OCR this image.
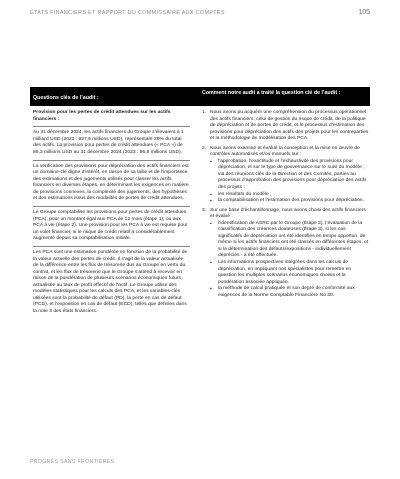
ÉTATS FINANCIERS ET RAPPORT DU COMMISSAIRE AUX COMPTES	105
Questions clés de l’audit :
Comment notre audit a traité la question clé de l’audit :

Provision pour les pertes de crédit attendues sur les actifs financiers :

Au 31 décembre 2024, les actifs financiers du Groupe s’élevaient à 1 milliard USD (2023 : 927,6 millions USD), représentant 29% du total des actifs. La provision pour pertes de crédit attendues (« PCA ») de 86,3 millions USD au 31 décembre 2024 (2023 : 86,8 millions USD).

La vérification des provisions pour dépréciation des actifs financiers est un domaine-clé digne d’intérêt, en raison de sa taille et de l’importance des estimations et des jugements utilisés pour classer les actifs financiers en diverses étapes, en déterminant les exigences en matière de provisions connexes, la complexité des jugements, des hypothèses et des estimations issus des modalités de pertes de crédit attendues.

Le Groupe comptabilise les provisions pour pertes de crédit attendues (PCA), pour un montant égal aux PCA de 12 mois (étape 1), ou aux PCA à vie (étape 2). Une provision pour les PCA à vie est requise pour un volet financier, si le risque de crédit relatif a considérablement augmenté depuis sa comptabilisation initiale.

Les PCA sont une estimation pondérée en fonction de la probabilité de la valeur actuelle des pertes de crédit. Il s’agit de la valeur actualisée de la différence entre les flux de trésorerie dus au Groupe en vertu du contrat, et les flux de trésorerie que le Groupe s’attend à recevoir en raison de la pondération de plusieurs scénarios économiques futurs, actualisée au taux de profit effectif de l’actif. Le Groupe utilise des modèles statistiques pour les calculs des PCA, et les variables-clés utilisées sont la probabilité de défaut (PD), la perte en cas de défaut (PCD), et l’exposition en cas de défaut (ECD), telles que définies dans la note 3 des états financiers.

1. Nous avons pu acquérir une compréhension du processus opérationnel des actifs financiers, celui de gestion du risque de crédit, de la politique de dépréciation et de pertes de crédit, et le processus d’estimation des provisions pour dépréciation des actifs des projets pour les contreparties et la méthodologie de modélisation des PCA.
2. Nous avons examiné et évalué la conception et la mise en œuvre de contrôles automatisés et/ou manuels sur :
▪ l’approbation, l’exactitude et l’exhaustivité des provisions pour dépréciation, et sur le type de gouvernance sur le suivi du modèle ; via des réunions clés de la Direction et des Comités, parties au processus d’approbation des provisions pour dépréciation des actifs des projets ;
▪ les résultats du modèle ;
▪ la comptabilisation et l’estimation des provisions pour dépréciation.
3. Sur une base d’échantillonnage, nous avons choisi des actifs financiers et évalué :
▪ l’identification de ASRC par le Groupe (Étape 2), l’évaluation de la classification des créances douteuses (Étape 3), si les cas significatifs de dépréciation ont été identifiés en temps opportun, de même si les actifs financiers ont été classés en différentes étapes, et si la détermination des défauts/expositions - individuellement dépréciés - a été effectuée.
▪ Les informations prospectives intégrées dans les calculs de dépréciation, en impliquant nos spécialistes pour remettre en question les multiples scénarios économiques choisis et la pondération associée appliquée.
▪ la méthode de calcul pratiquée et son degré de conformité aux exigences de la Norme Comptable Financière No 30.
PROGRÈS SANS FRONTIÈRES
